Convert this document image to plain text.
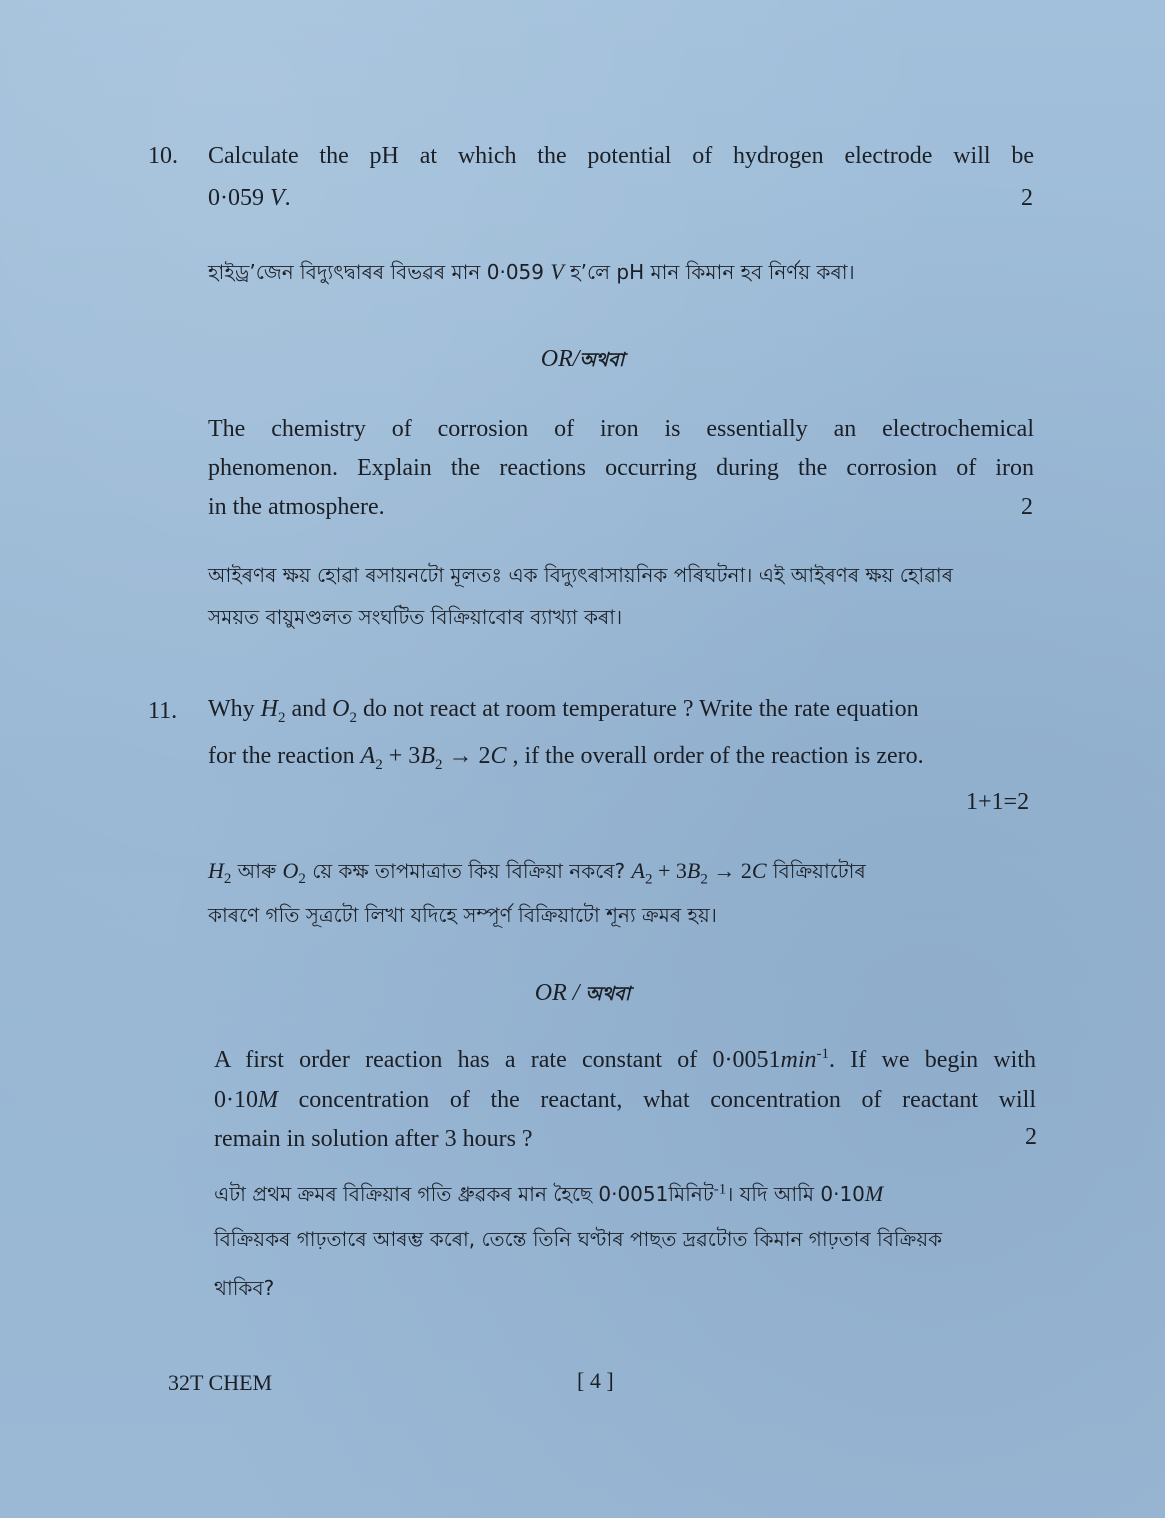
10. Calculate the pH at which the potential of hydrogen electrode will be
0·059 V.	2
হাইড্ৰ’জেন বিদ্যুৎদ্বাৰৰ বিভৱৰ মান 0·059 V হ’লে pH মান কিমান হব নিৰ্ণয় কৰা।
OR/অথবা
The chemistry of corrosion of iron is essentially an electrochemical
phenomenon. Explain the reactions occurring during the corrosion of iron
in the atmosphere.	2
আইৰণৰ ক্ষয় হোৱা ৰসায়নটো মূলতঃ এক বিদ্যুৎৰাসায়নিক পৰিঘটনা। এই আইৰণৰ ক্ষয় হোৱাৰ
সময়ত বায়ুমণ্ডলত সংঘটিত বিক্ৰিয়াবোৰ ব্যাখ্যা কৰা।
11. Why $H_2$ and $O_2$ do not react at room temperature ? Write the rate equation
for the reaction $A_2 + 3B_2 \to 2C$ , if the overall order of the reaction is zero.
1+1=2
$H_2$ আৰু $O_2$ য়ে কক্ষ তাপমাত্ৰাত কিয় বিক্ৰিয়া নকৰে? $A_2 + 3B_2 \to 2C$ বিক্ৰিয়াটোৰ
কাৰণে গতি সূত্ৰটো লিখা যদিহে সম্পূৰ্ণ বিক্ৰিয়াটো শূন্য ক্ৰমৰ হয়।
OR / অথবা
A first order reaction has a rate constant of $0\cdot 0051\min^{-1}$. If we begin with
0·10M concentration of the reactant, what concentration of reactant will
remain in solution after 3 hours ?	2
এটা প্ৰথম ক্ৰমৰ বিক্ৰিয়াৰ গতি ধ্ৰুৱকৰ মান হৈছে 0·0051মিনিট$^{-1}$। যদি আমি 0·10M
বিক্ৰিয়কৰ গাঢ়তাৰে আৰম্ভ কৰো, তেন্তে তিনি ঘণ্টাৰ পাছত দ্ৰৱটোত কিমান গাঢ়তাৰ বিক্ৰিয়ক
থাকিব?
32T CHEM	[ 4 ]
